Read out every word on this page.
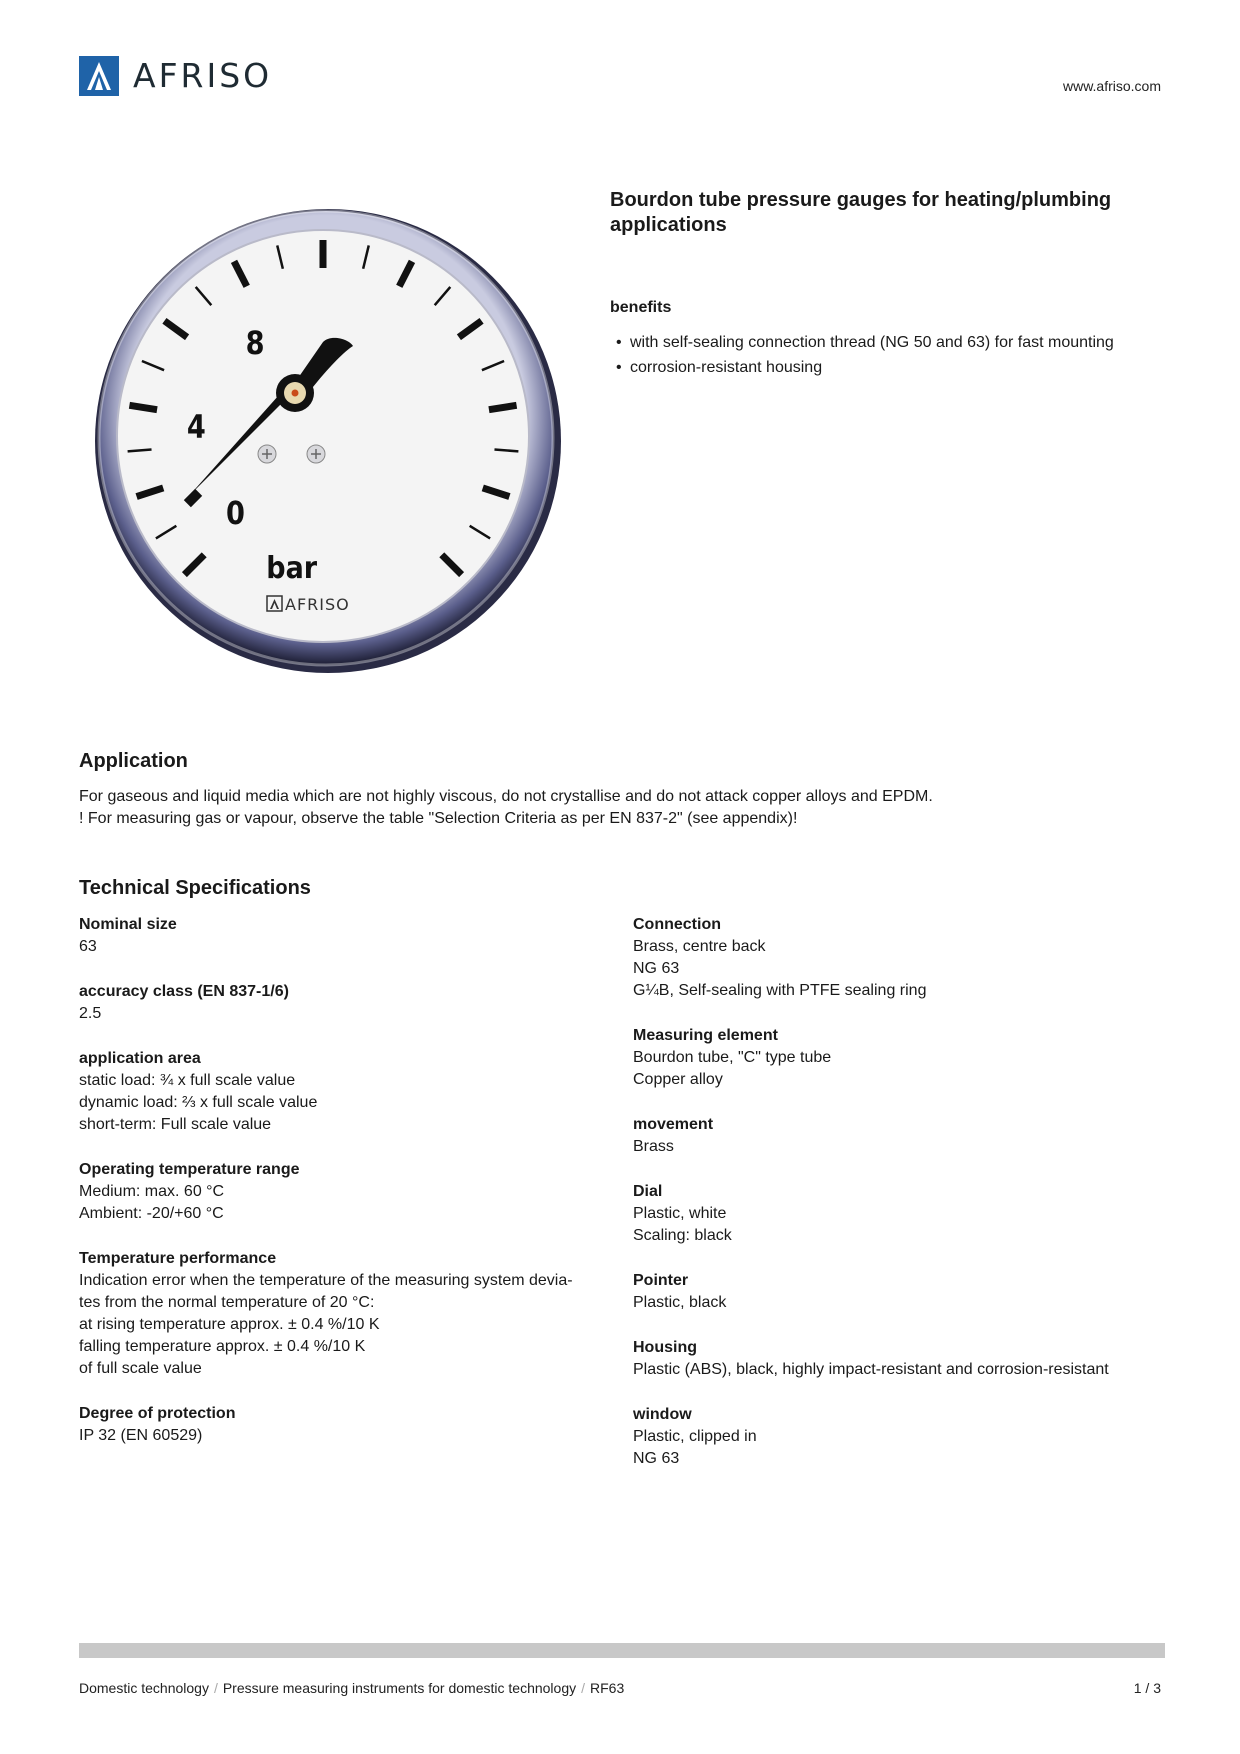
AFRISO	www.afriso.com
0
4
8
bar
AFRISO
Bourdon tube pressure gauges for heating/plumbing applications
benefits
• with self-sealing connection thread (NG 50 and 63) for fast mounting
• corrosion-resistant housing
Application
For gaseous and liquid media which are not highly viscous, do not crystallise and do not attack copper alloys and EPDM.
! For measuring gas or vapour, observe the table "Selection Criteria as per EN 837-2" (see appendix)!
Technical Specifications
Nominal size
63
accuracy class (EN 837-1/6)
2.5
application area
static load: ¾ x full scale value
dynamic load: ⅔ x full scale value
short-term: Full scale value
Operating temperature range
Medium: max. 60 °C
Ambient: -20/+60 °C
Temperature performance
Indication error when the temperature of the measuring system devia-
tes from the normal temperature of 20 °C:
at rising temperature approx. ± 0.4 %/10 K
falling temperature approx. ± 0.4 %/10 K
of full scale value
Degree of protection
IP 32 (EN 60529)
Connection
Brass, centre back
NG 63
G¼B, Self-sealing with PTFE sealing ring
Measuring element
Bourdon tube, "C" type tube
Copper alloy
movement
Brass
Dial
Plastic, white
Scaling: black
Pointer
Plastic, black
Housing
Plastic (ABS), black, highly impact-resistant and corrosion-resistant
window
Plastic, clipped in
NG 63
Domestic technology / Pressure measuring instruments for domestic technology / RF63	1 / 3
